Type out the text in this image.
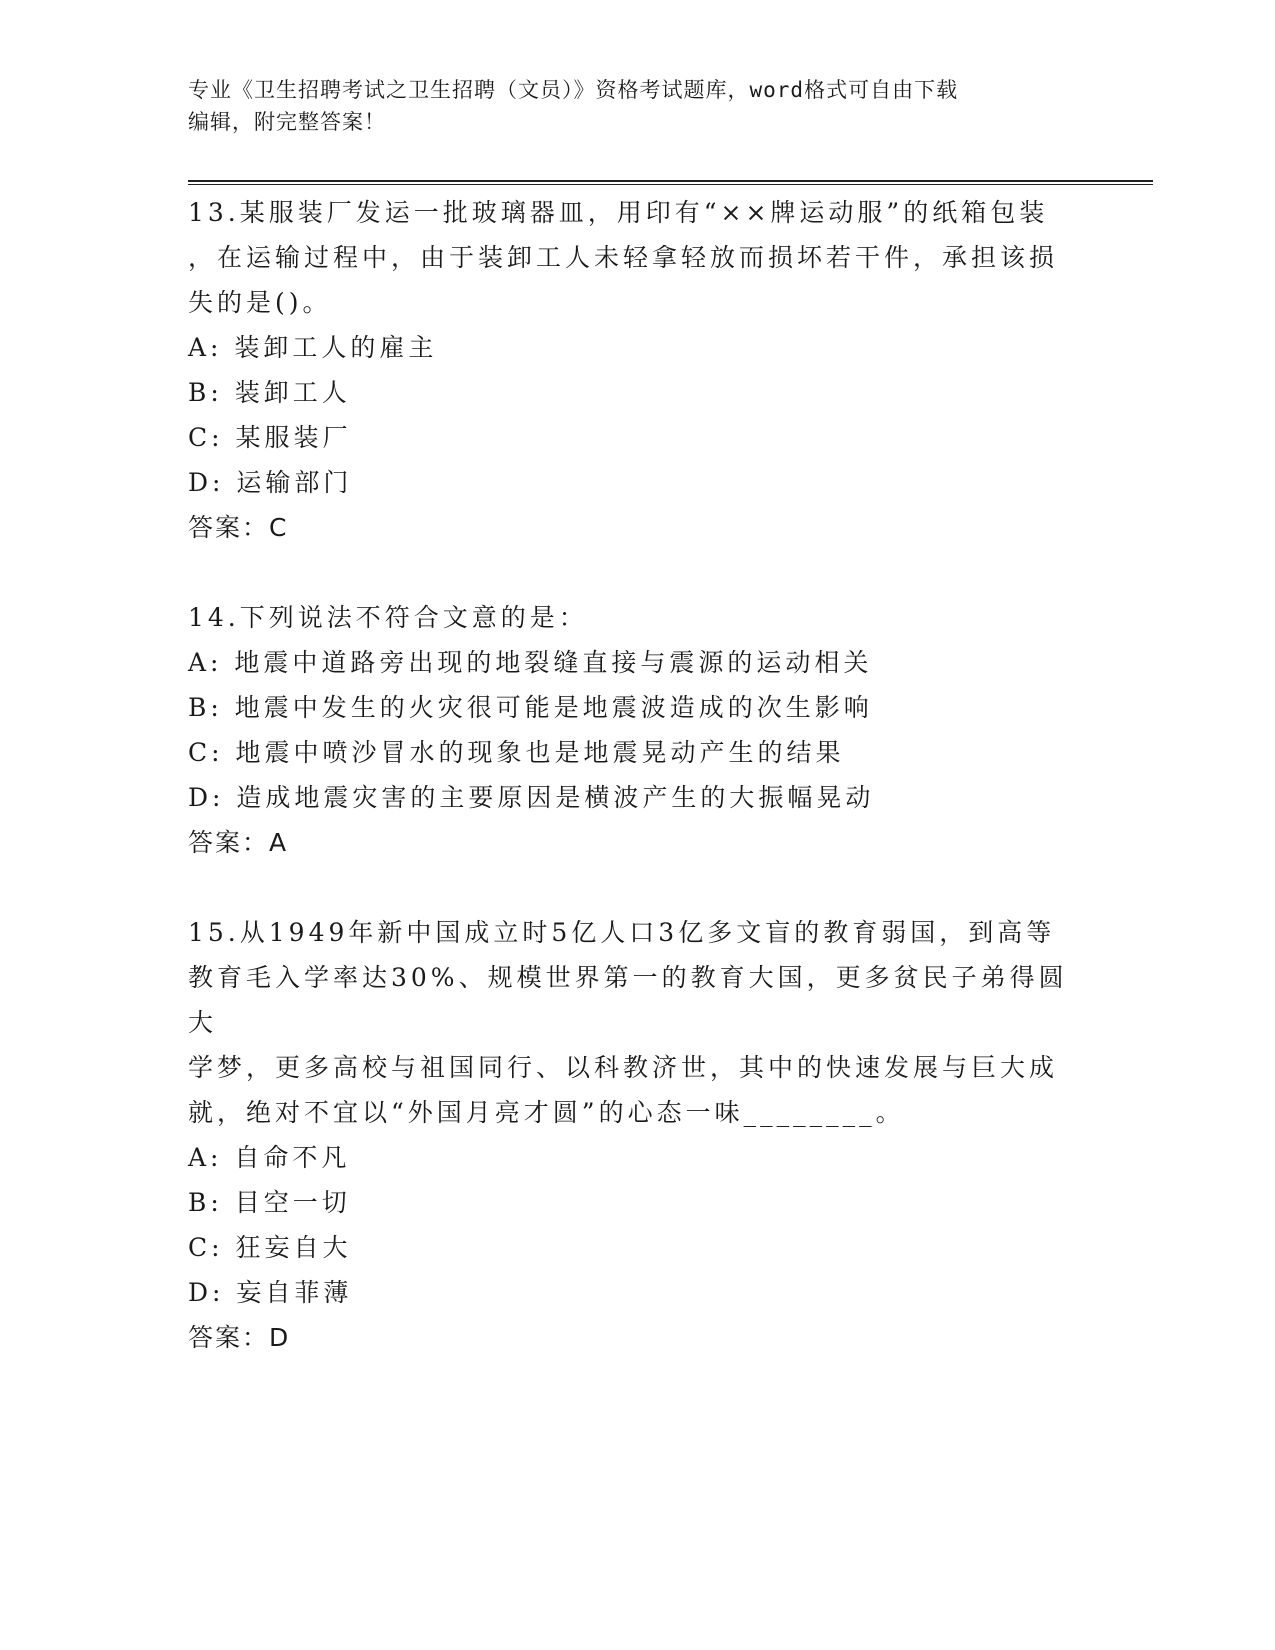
专业《卫生招聘考试之卫生招聘（文员）》资格考试题库，word格式可自由下载
编辑，附完整答案！
13.某服装厂发运一批玻璃器皿，用印有“××牌运动服”的纸箱包装
，在运输过程中，由于装卸工人未轻拿轻放而损坏若干件，承担该损
失的是()。
A: 装卸工人的雇主
B: 装卸工人
C: 某服装厂
D: 运输部门
答案：C
14.下列说法不符合文意的是：
A: 地震中道路旁出现的地裂缝直接与震源的运动相关
B: 地震中发生的火灾很可能是地震波造成的次生影响
C: 地震中喷沙冒水的现象也是地震晃动产生的结果
D: 造成地震灾害的主要原因是横波产生的大振幅晃动
答案：A
15.从1949年新中国成立时5亿人口3亿多文盲的教育弱国，到高等
教育毛入学率达30%、规模世界第一的教育大国，更多贫民子弟得圆大
学梦，更多高校与祖国同行、以科教济世，其中的快速发展与巨大成
就，绝对不宜以“外国月亮才圆”的心态一味________。
A: 自命不凡
B: 目空一切
C: 狂妄自大
D: 妄自菲薄
答案：D
